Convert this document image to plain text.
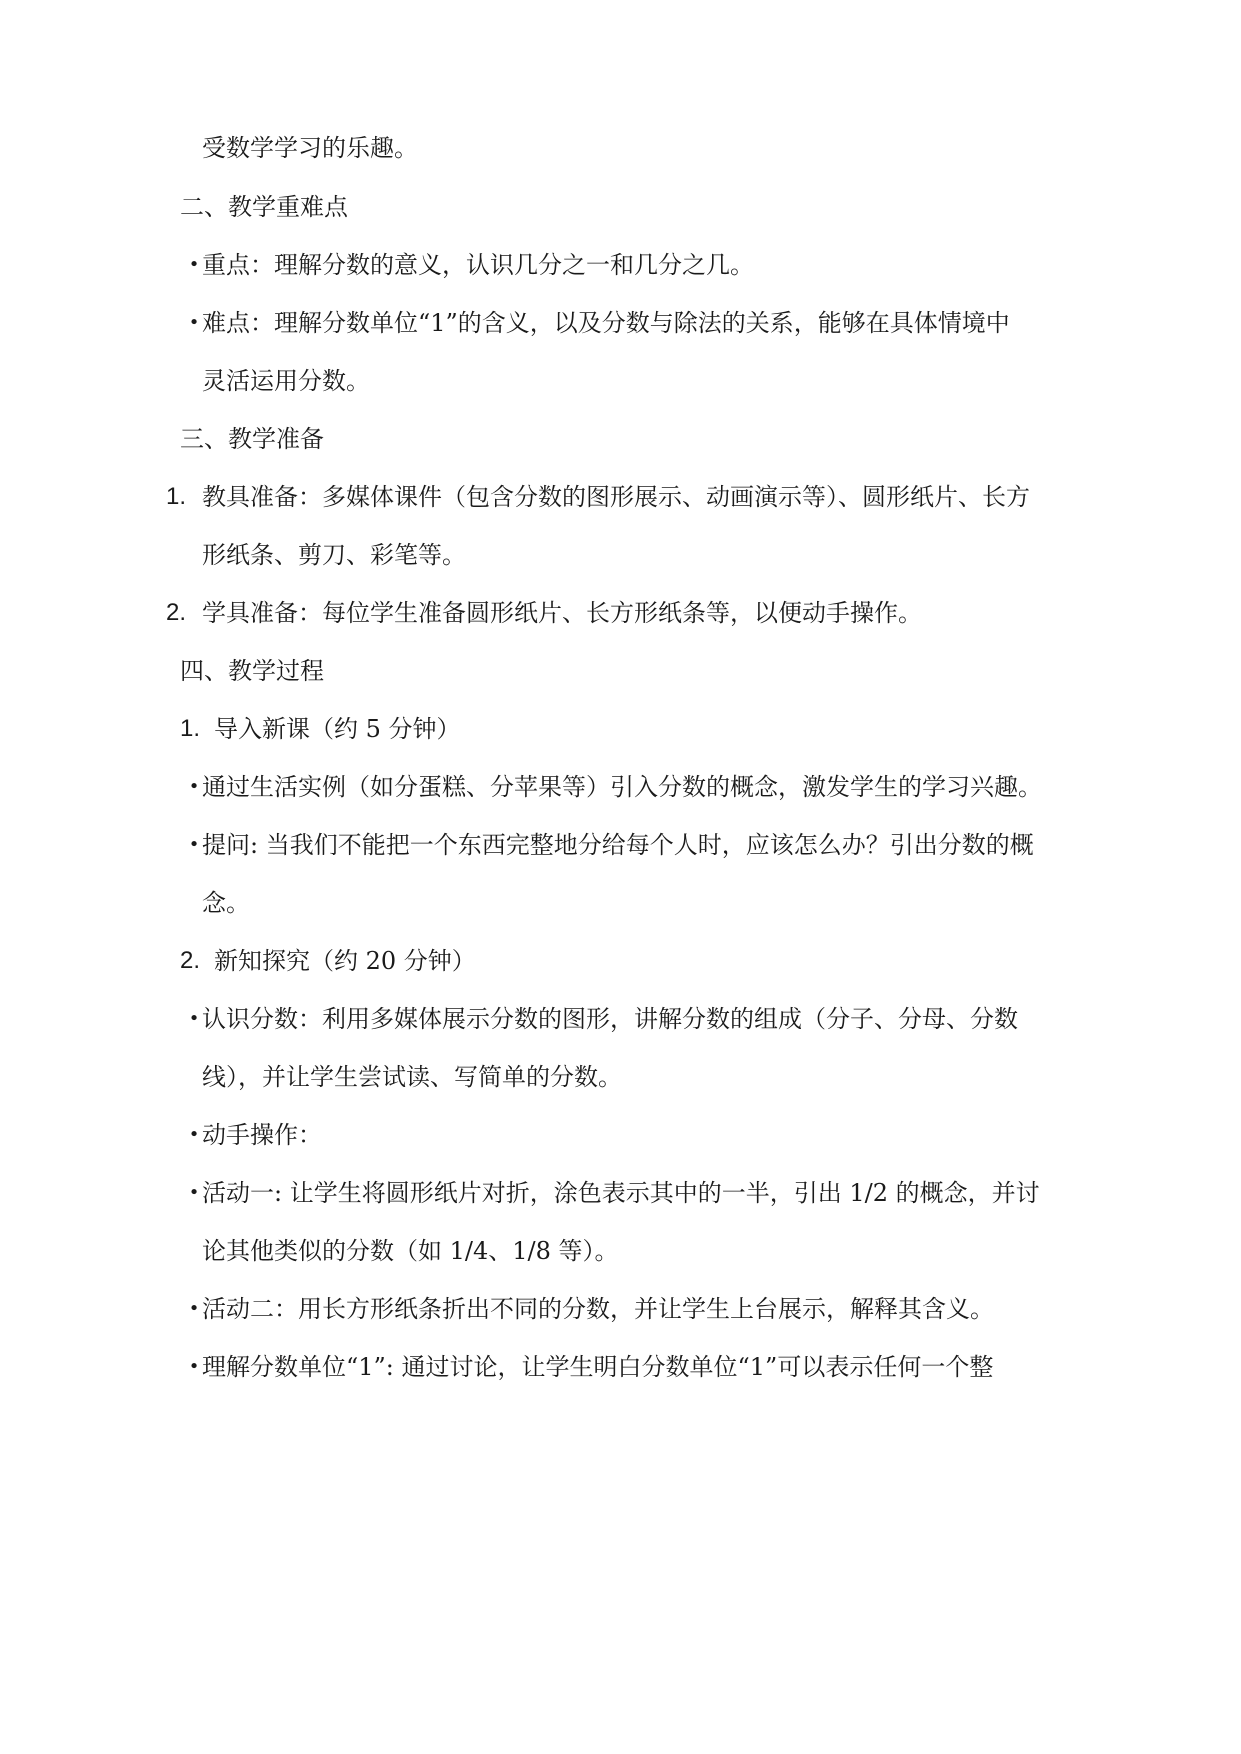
受数学学习的乐趣。
二、教学重难点
• 重点：理解分数的意义，认识几分之一和几分之几。
• 难点：理解分数单位“1”的含义，以及分数与除法的关系，能够在具体情境中
灵活运用分数。
三、教学准备
1. 教具准备：多媒体课件（包含分数的图形展示、动画演示等）、圆形纸片、长方
形纸条、剪刀、彩笔等。
2. 学具准备：每位学生准备圆形纸片、长方形纸条等，以便动手操作。
四、教学过程
1. 导入新课（约 5 分钟）
• 通过生活实例（如分蛋糕、分苹果等）引入分数的概念，激发学生的学习兴趣。
• 提问: 当我们不能把一个东西完整地分给每个人时，应该怎么办？引出分数的概
念。
2. 新知探究（约 20 分钟）
• 认识分数：利用多媒体展示分数的图形，讲解分数的组成（分子、分母、分数
线），并让学生尝试读、写简单的分数。
• 动手操作：
• 活动一: 让学生将圆形纸片对折，涂色表示其中的一半，引出 1/2 的概念，并讨
论其他类似的分数（如 1/4、1/8 等）。
• 活动二：用长方形纸条折出不同的分数，并让学生上台展示，解释其含义。
• 理解分数单位“1”: 通过讨论，让学生明白分数单位“1”可以表示任何一个整
